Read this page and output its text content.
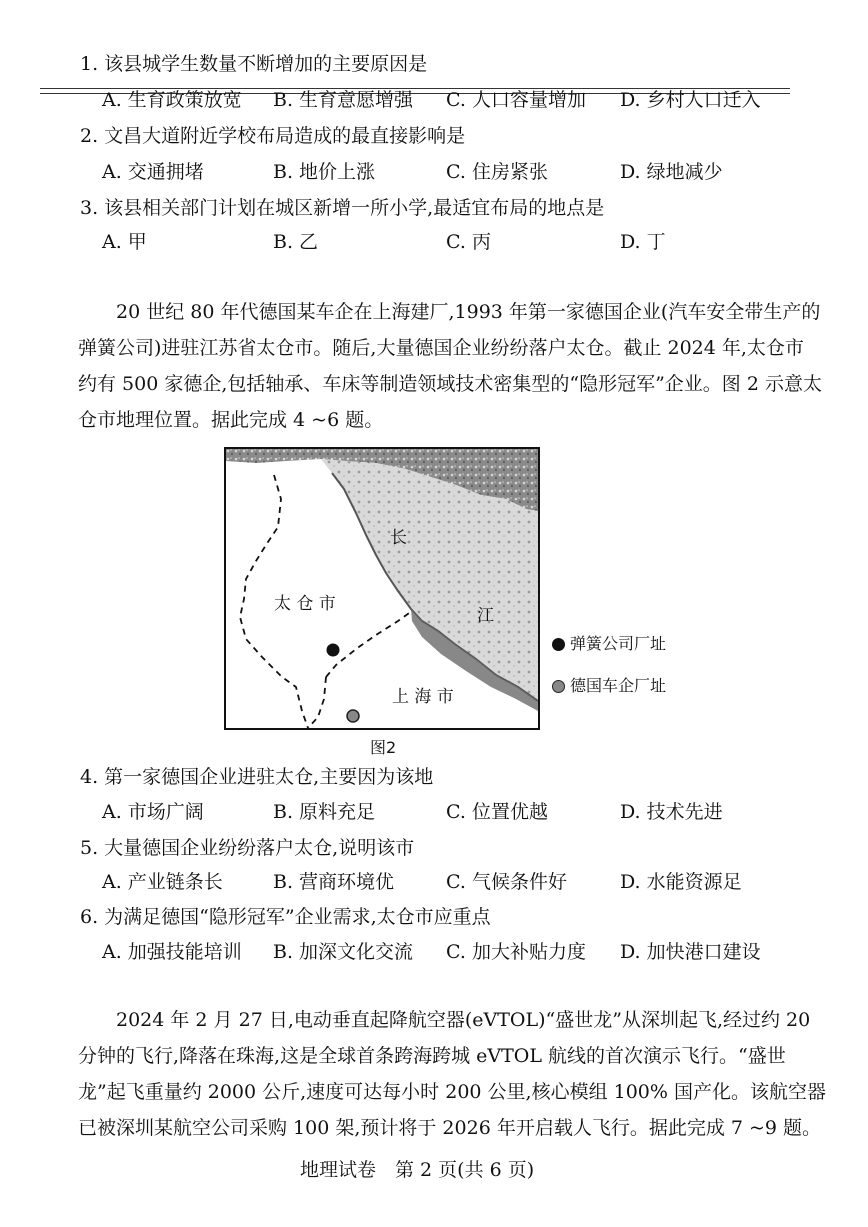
1. 该县城学生数量不断增加的主要原因是
A. 生育政策放宽 B. 生育意愿增强 C. 人口容量增加 D. 乡村人口迁入
2. 文昌大道附近学校布局造成的最直接影响是
A. 交通拥堵	B. 地价上涨	C. 住房紧张	D. 绿地减少
3. 该县相关部门计划在城区新增一所小学,最适宜布局的地点是
A. 甲	B. 乙	C. 丙	D. 丁
20 世纪 80 年代德国某车企在上海建厂,1993 年第一家德国企业(汽车安全带生产的
弹簧公司)进驻江苏省太仓市。随后,大量德国企业纷纷落户太仓。截止 2024 年,太仓市
约有 500 家德企,包括轴承、车床等制造领域技术密集型的“隐形冠军”企业。图 2 示意太
仓市地理位置。据此完成 4 ~6 题。
太 仓 市
上 海 市
长
江
弹簧公司厂址
德国车企厂址
图2
4. 第一家德国企业进驻太仓,主要因为该地
A. 市场广阔	B. 原料充足	C. 位置优越	D. 技术先进
5. 大量德国企业纷纷落户太仓,说明该市
A. 产业链条长	B. 营商环境优	C. 气候条件好	D. 水能资源足
6. 为满足德国“隐形冠军”企业需求,太仓市应重点
A. 加强技能培训 B. 加深文化交流 C. 加大补贴力度 D. 加快港口建设
2024 年 2 月 27 日,电动垂直起降航空器(eVTOL)“盛世龙”从深圳起飞,经过约 20
分钟的飞行,降落在珠海,这是全球首条跨海跨城 eVTOL 航线的首次演示飞行。“盛世
龙”起飞重量约 2000 公斤,速度可达每小时 200 公里,核心模组 100% 国产化。该航空器
已被深圳某航空公司采购 100 架,预计将于 2026 年开启载人飞行。据此完成 7 ~9 题。
地理试卷　第 2 页(共 6 页)
